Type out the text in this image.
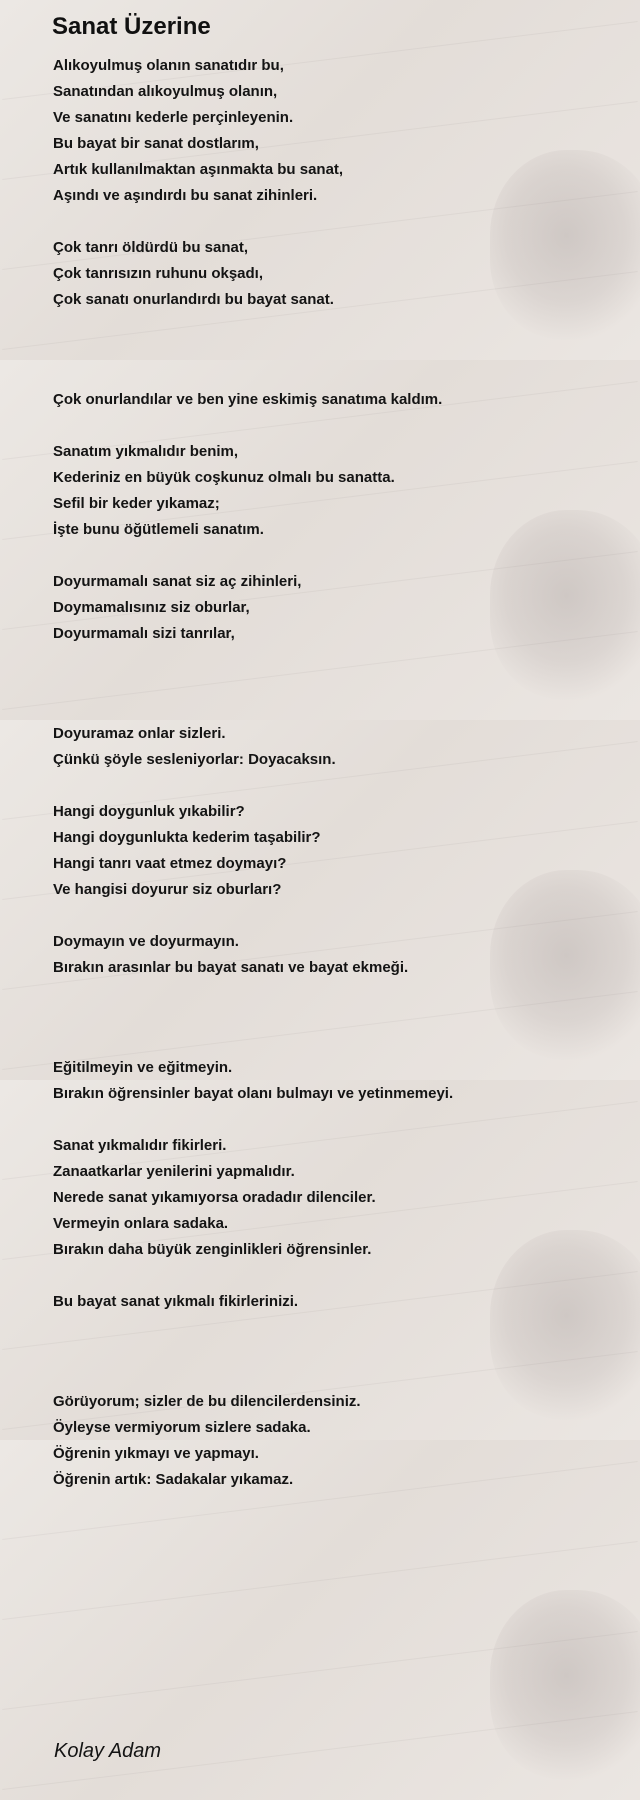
Sanat Üzerine
Alıkoyulmuş olanın sanatıdır bu,
Sanatından alıkoyulmuş olanın,
Ve sanatını kederle perçinleyenin.
Bu bayat bir sanat dostlarım,
Artık kullanılmaktan aşınmakta bu sanat,
Aşındı ve aşındırdı bu sanat zihinleri.
Çok tanrı öldürdü bu sanat,
Çok tanrısızın ruhunu okşadı,
Çok sanatı onurlandırdı bu bayat sanat.
Çok onurlandılar ve ben yine eskimiş sanatıma kaldım.
Sanatım yıkmalıdır benim,
Kederiniz en büyük coşkunuz olmalı bu sanatta.
Sefil bir keder yıkamaz;
İşte bunu öğütlemeli sanatım.
Doyurmamalı sanat siz aç zihinleri,
Doymamalısınız siz oburlar,
Doyurmamalı sizi tanrılar,
Doyuramaz onlar sizleri.
Çünkü şöyle sesleniyorlar: Doyacaksın.
Hangi doygunluk yıkabilir?
Hangi doygunlukta kederim taşabilir?
Hangi tanrı vaat etmez doymayı?
Ve hangisi doyurur siz oburları?
Doymayın ve doyurmayın.
Bırakın arasınlar bu bayat sanatı ve bayat ekmeği.
Eğitilmeyin ve eğitmeyin.
Bırakın öğrensinler bayat olanı bulmayı ve yetinmemeyi.
Sanat yıkmalıdır fikirleri.
Zanaatkarlar yenilerini yapmalıdır.
Nerede sanat yıkamıyorsa oradadır dilenciler.
Vermeyin onlara sadaka.
Bırakın daha büyük zenginlikleri öğrensinler.
Bu bayat sanat yıkmalı fikirlerinizi.
Görüyorum; sizler de bu dilencilerdensiniz.
Öyleyse vermiyorum sizlere sadaka.
Öğrenin yıkmayı ve yapmayı.
Öğrenin artık: Sadakalar yıkamaz.

Kolay Adam
